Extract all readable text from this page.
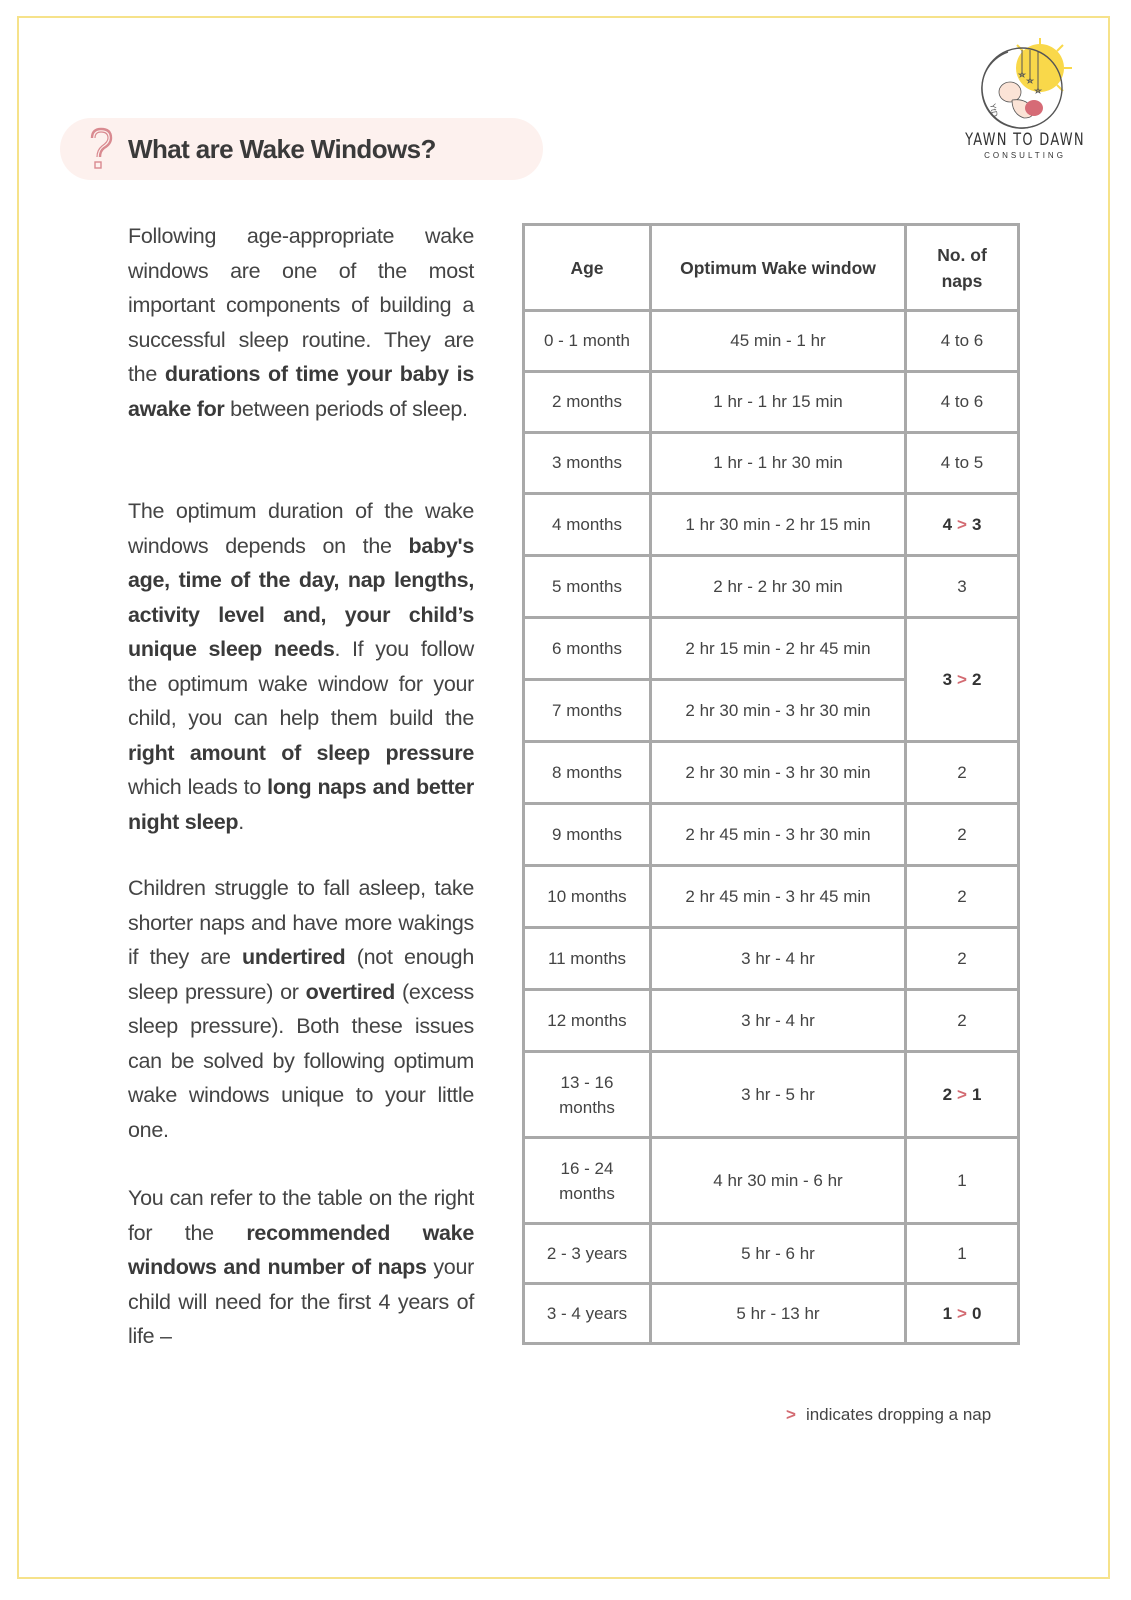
YtD
YAWN TO DAWN
CONSULTING
What are Wake Windows?
Following age-appropriate wake windows are one of the most important components of building a successful sleep routine. They are the durations of time your baby is awake for between periods of sleep.
The optimum duration of the wake windows depends on the baby's age, time of the day, nap lengths, activity level and, your child’s unique sleep needs. If you follow the optimum wake window for your child, you can help them build the right amount of sleep pressure which leads to long naps and better night sleep.
Children struggle to fall asleep, take shorter naps and have more wakings if they are undertired (not enough sleep pressure) or overtired (excess sleep pressure). Both these issues can be solved by following optimum wake windows unique to your little one.
You can refer to the table on the right for the recommended wake windows and number of naps your child will need for the first 4 years of life –
Age	Optimum Wake window	No. of naps
0 - 1 month	45 min - 1 hr	4 to 6
2 months	1 hr - 1 hr 15 min	4 to 6
3 months	1 hr - 1 hr 30 min	4 to 5
4 months	1 hr 30 min - 2 hr 15 min	4 > 3
5 months	2 hr - 2 hr 30 min	3
6 months	2 hr 15 min - 2 hr 45 min	3 > 2
7 months	2 hr 30 min - 3 hr 30 min	
8 months	2 hr 30 min - 3 hr 30 min	2
9 months	2 hr 45 min - 3 hr 30 min	2
10 months	2 hr 45 min - 3 hr 45 min	2
11 months	3 hr - 4 hr	2
12 months	3 hr - 4 hr	2
13 - 16 months	3 hr - 5 hr	2 > 1
16 - 24 months	4 hr 30 min - 6 hr	1
2 - 3 years	5 hr - 6 hr	1
3 - 4 years	5 hr - 13 hr	1 > 0
> indicates dropping a nap
